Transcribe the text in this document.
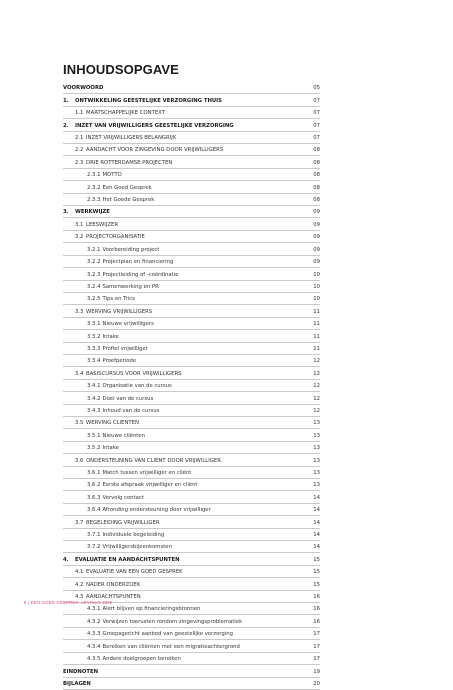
INHOUDSOPGAVE
VOORWOORD	05
1.	ONTWIKKELING GEESTELIJKE VERZORGING THUIS	07
1.1 MAATSCHAPPELIJKE CONTEXT	07
2.	INZET VAN VRIJWILLIGERS GEESTELIJKE VERZORGING	07
2.1 INZET VRIJWILLIGERS BELANGRIJK	07
2.2 AANDACHT VOOR ZINGEVING DOOR VRIJWILLIGERS	08
2.3 DRIE ROTTERDAMSE PROJECTEN	08
2.3.1 MOTTO	08
2.3.2 Een Goed Gesprek	08
2.3.3 Het Goede Gesprek	08
3.	WERKWIJZE	09
3.1 LEESWIJZER	09
3.2 PROJECTORGANISATIE	09
3.2.1 Voorbereiding project	09
3.2.2 Projectplan en financiering	09
3.2.3 Projectleiding of -coördinatie	10
3.2.4 Samenwerking en PR	10
3.2.5 Tips en Trics	10
3.3 WERVING VRIJWILLIGERS	11
3.3.1 Nieuwe vrijwilligers	11
3.3.2 Intake	11
3.3.3 Profiel vrijwilliger	11
3.3.4 Proefperiode	12
3.4 BASISCURSUS VOOR VRIJWILLIGERS	12
3.4.1 Organisatie van de cursus	12
3.4.2 Doel van de cursus	12
3.4.3 Inhoud van de cursus	12
3.5 WERVING CLIËNTEN	13
3.5.1 Nieuwe cliënten	13
3.5.2 Intake	13
3.6 ONDERSTEUNING VAN CLIËNT DOOR VRIJWILLIGER	13
3.6.1 Match tussen vrijwilliger en cliënt	13
3.6.2 Eerste afspraak vrijwilliger en cliënt	13
3.6.3 Vervolg contact	14
3.6.4 Afronding ondersteuning door vrijwilliger	14
3.7 BEGELEIDING VRIJWILLIGER	14
3.7.1 Individuele begeleiding	14
3.7.2 Vrijwilligersbijeenkomsten	14
4.	EVALUATIE EN AANDACHTSPUNTEN	15
4.1 EVALUATIE VAN EEN GOED GESPREK	15
4.2 NADER ONDERZOEK	15
4.3 AANDACHTSPUNTEN	16
4.3.1 Alert blijven op financieringsbronnen	16
4.3.2 Verwijzen toerusten rondom zingevingsproblematiek	16
4.3.3 Groepsgericht aanbod van geestelijke verzorging	17
4.3.4 Bereiken van cliënten met een migratieachtergrond	17
4.3.5 Andere doelgroepen bereiken	17
EINDNOTEN	19
BIJLAGEN	20
6 | EEN GOED GESPREK: LEVINAS 2020
